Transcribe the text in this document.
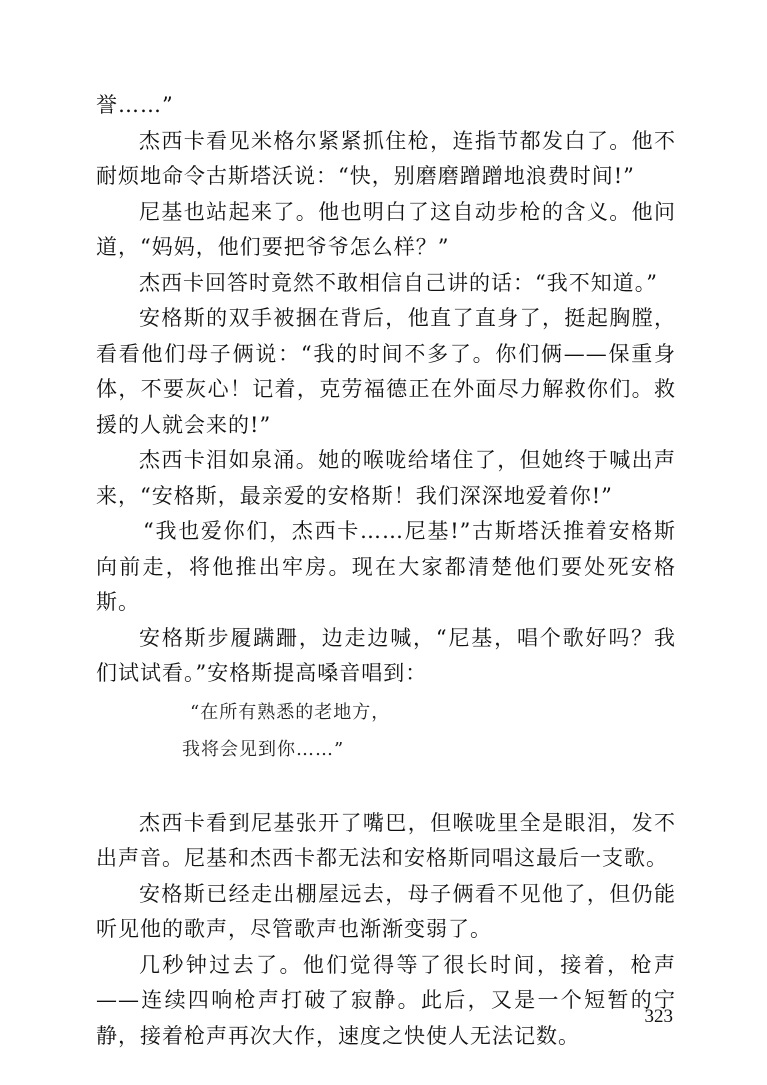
誉……”

杰西卡看见米格尔紧紧抓住枪，连指节都发白了。他不耐烦地命令古斯塔沃说：“快，别磨磨蹭蹭地浪费时间!”

尼基也站起来了。他也明白了这自动步枪的含义。他问道，“妈妈，他们要把爷爷怎么样？”

杰西卡回答时竟然不敢相信自己讲的话：“我不知道。”

安格斯的双手被捆在背后，他直了直身了，挺起胸膛，看看他们母子俩说：“我的时间不多了。你们俩——保重身体，不要灰心！记着，克劳福德正在外面尽力解救你们。救援的人就会来的!”

杰西卡泪如泉涌。她的喉咙给堵住了，但她终于喊出声来，“安格斯，最亲爱的安格斯！我们深深地爱着你!”

“我也爱你们，杰西卡……尼基!”古斯塔沃推着安格斯向前走，将他推出牢房。现在大家都清楚他们要处死安格斯。

安格斯步履蹒跚，边走边喊，“尼基，唱个歌好吗？我们试试看。”安格斯提高嗓音唱到：

“在所有熟悉的老地方，
我将会见到你……”

杰西卡看到尼基张开了嘴巴，但喉咙里全是眼泪，发不出声音。尼基和杰西卡都无法和安格斯同唱这最后一支歌。

安格斯已经走出棚屋远去，母子俩看不见他了，但仍能听见他的歌声，尽管歌声也渐渐变弱了。

几秒钟过去了。他们觉得等了很长时间，接着，枪声——连续四响枪声打破了寂静。此后，又是一个短暂的宁静，接着枪声再次大作，速度之快使人无法记数。

323
